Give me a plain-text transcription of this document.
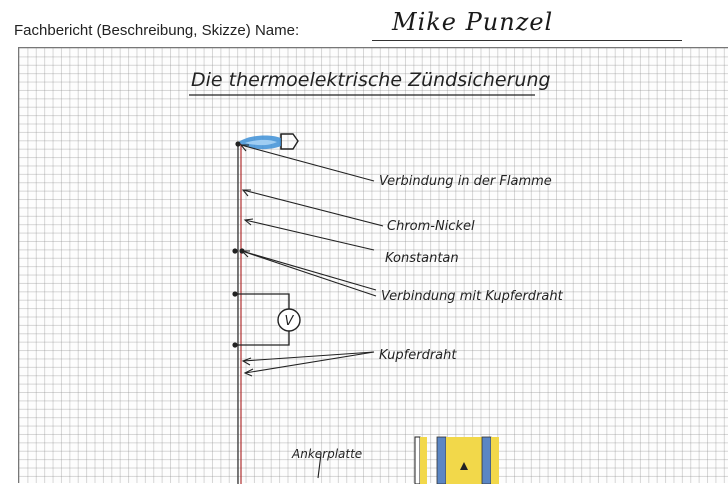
Fachbericht (Beschreibung, Skizze) Name:	Mike Punzel
Die thermoelektrische Zündsicherung
V
Verbindung in der Flamme
Chrom-Nickel
Konstantan
Verbindung mit Kupferdraht
Kupferdraht
Ankerplatte
